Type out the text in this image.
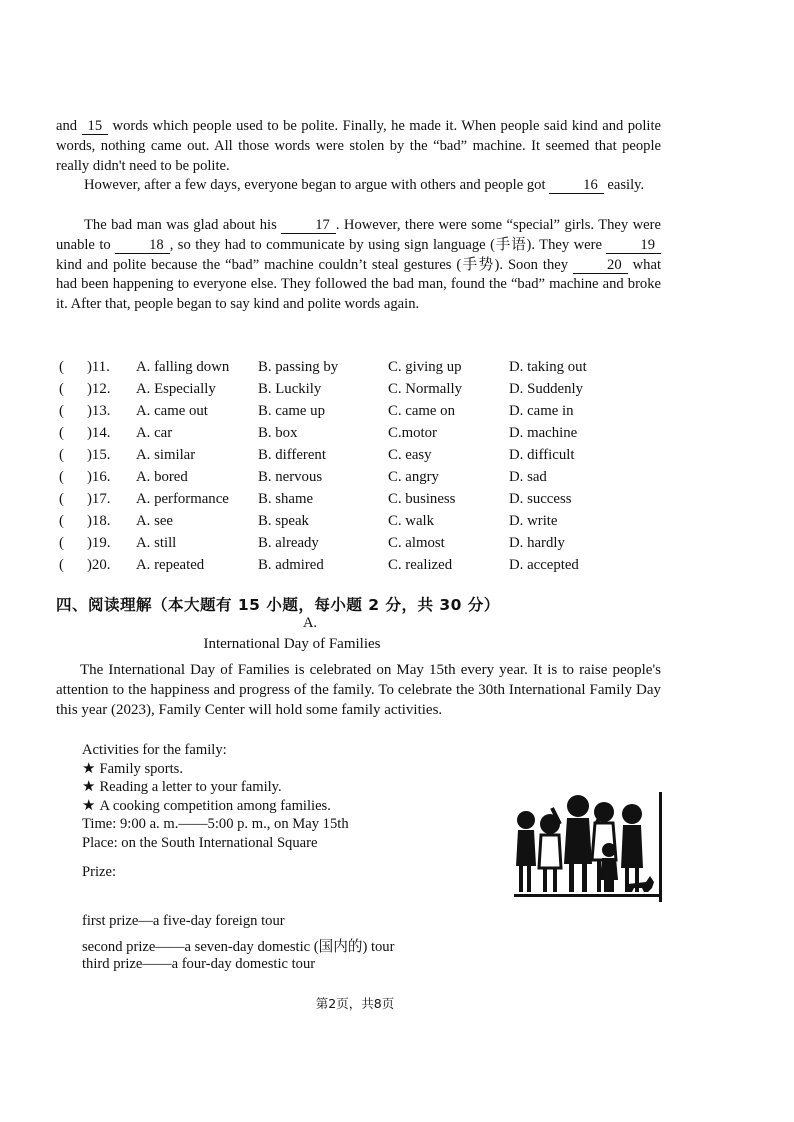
and 15 words which people used to be polite. Finally, he made it. When people said kind and polite words, nothing came out. All those words were stolen by the “bad” machine. It seemed that people really didn't need to be polite.

However, after a few days, everyone began to argue with others and people got	16 easily.

The bad man was glad about his	17 . However, there were some “special” girls. They were unable to	18 , so they had to communicate by using sign language (手语). They were	19 kind and polite because the “bad” machine couldn’t steal gestures (手势). Soon they	20 what had been happening to everyone else. They followed the bad man, found the “bad” machine and broke it. After that, people began to say kind and polite words again.

( )11. A. falling down B. passing by	C. giving up	D. taking out
( )12. A. Especially	B. Luckily	C. Normally	D. Suddenly
( )13. A. came out	B. came up	C. came on	D. came in
( )14. A. car	B. box	C.motor	D. machine
( )15. A. similar	B. different	C. easy	D. difficult
( )16. A. bored	B. nervous	C. angry	D. sad
( )17. A. performance B. shame	C. business	D. success
( )18. A. see	B. speak	C. walk	D. write
( )19. A. still	B. already	C. almost	D. hardly
( )20. A. repeated	B. admired	C. realized	D. accepted
四、阅读理解（本大题有 15 小题，每小题 2 分，共 30 分）
A.
International Day of Families

The International Day of Families is celebrated on May 15th every year. It is to raise people's attention to the happiness and progress of the family. To celebrate the 30th International Family Day this year (2023), Family Center will hold some family activities.

Activities for the family:
★ Family sports.
★ Reading a letter to your family.
★ A cooking competition among families.
Time: 9:00 a. m.——5:00 p. m., on May 15th
Place: on the South International Square
Prize:
first prize—a five-day foreign tour
second prize——a seven-day domestic (国内的) tour
third prize——a four-day domestic tour
第2页，共8页
